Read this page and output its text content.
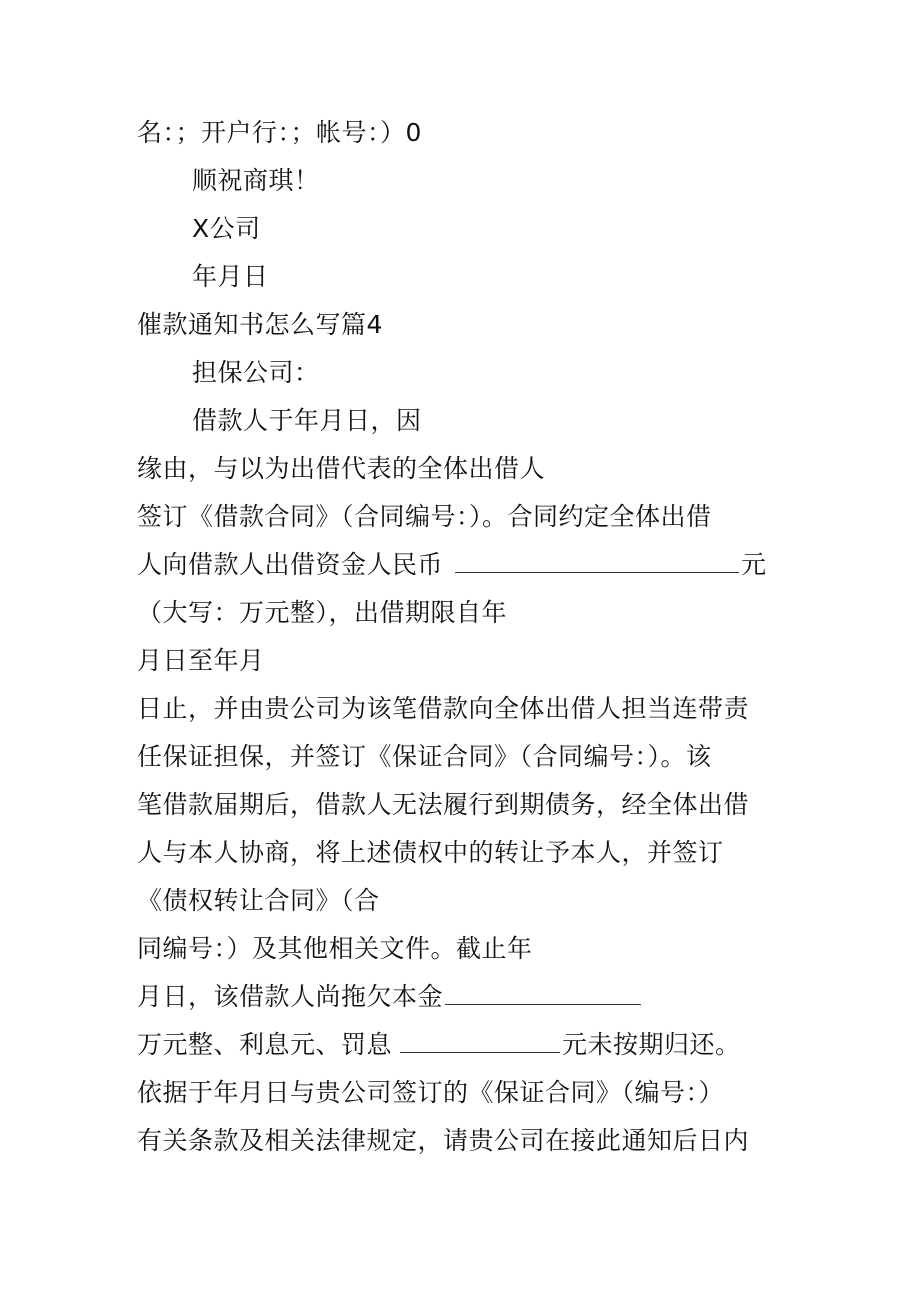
名：；开户行：；帐号：）0
顺祝商琪！
X公司
年月日
催款通知书怎么写篇4
担保公司：
借款人于年月日，因
缘由，与以为出借代表的全体出借人
签订《借款合同》（合同编号：）。合同约定全体出借
人向借款人出借资金人民币	元
（大写：万元整），出借期限自年
月日至年月
日止，并由贵公司为该笔借款向全体出借人担当连带责
任保证担保，并签订《保证合同》（合同编号：）。该
笔借款届期后，借款人无法履行到期债务，经全体出借
人与本人协商，将上述债权中的转让予本人，并签订
《债权转让合同》（合
同编号：）及其他相关文件。截止年
月日，该借款人尚拖欠本金
万元整、利息元、罚息	元未按期归还。
依据于年月日与贵公司签订的《保证合同》（编号：）
有关条款及相关法律规定，请贵公司在接此通知后日内
